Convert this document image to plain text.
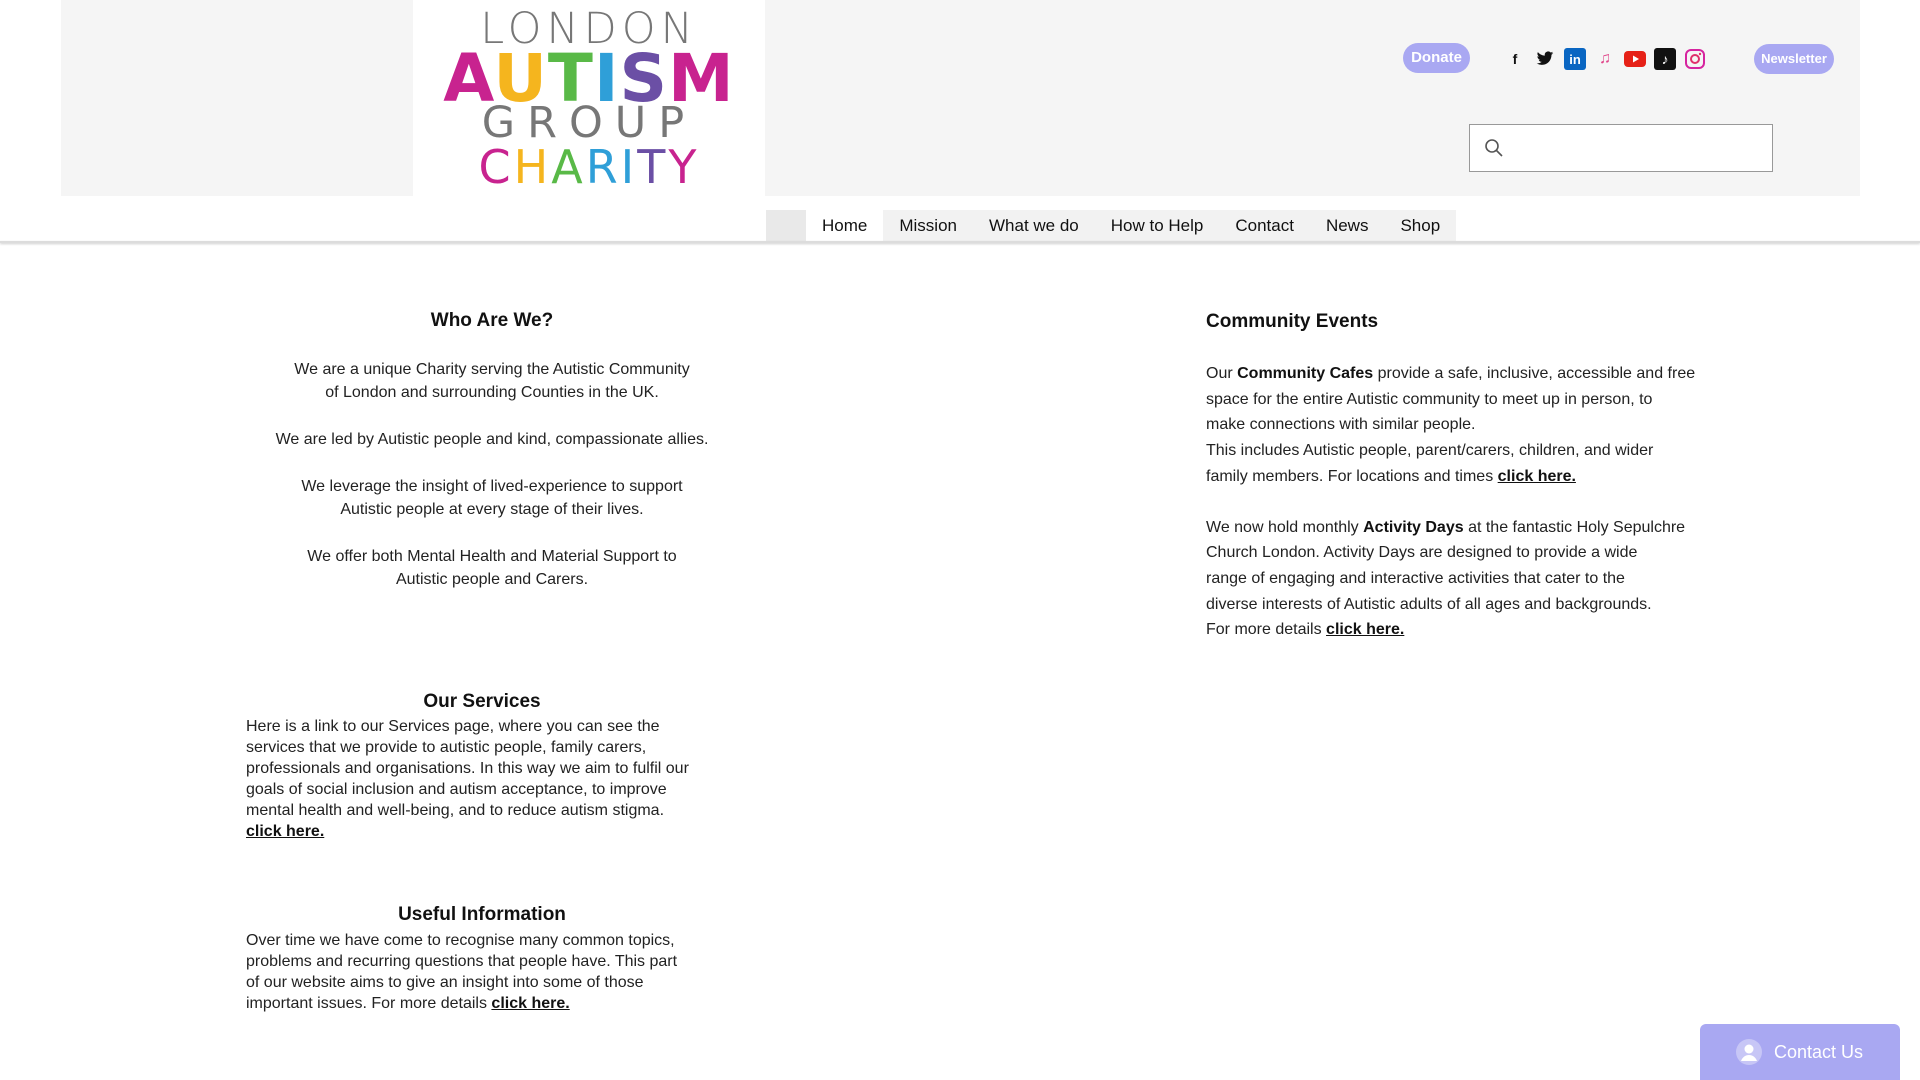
LONDON
AUTISM
GROUP
CHARITY
Donate	f	in	♫	♪	Newsletter
Home	Mission	What we do	How to Help	Contact	News	Shop
Who Are We?
We are a unique Charity serving the Autistic Community
of London and surrounding Counties in the UK.
We are led by Autistic people and kind, compassionate allies.
We leverage the insight of lived-experience to support
Autistic people at every stage of their lives.
We offer both Mental Health and Material Support to
Autistic people and Carers.
Our Services
Here is a link to our Services page, where you can see the
services that we provide to autistic people, family carers,
professionals and organisations. In this way we aim to fulfil our
goals of social inclusion and autism acceptance, to improve
mental health and well-being, and to reduce autism stigma.
click here.
Useful Information
Over time we have come to recognise many common topics,
problems and recurring questions that people have. This part
of our website aims to give an insight into some of those
important issues. For more details click here.
Community Events
Our Community Cafes provide a safe, inclusive, accessible and free
space for the entire Autistic community to meet up in person, to
make connections with similar people.
This includes Autistic people, parent/carers, children, and wider
family members. For locations and times click here.
We now hold monthly Activity Days at the fantastic Holy Sepulchre
Church London. Activity Days are designed to provide a wide
range of engaging and interactive activities that cater to the
diverse interests of Autistic adults of all ages and backgrounds.
For more details click here.
Contact Us
